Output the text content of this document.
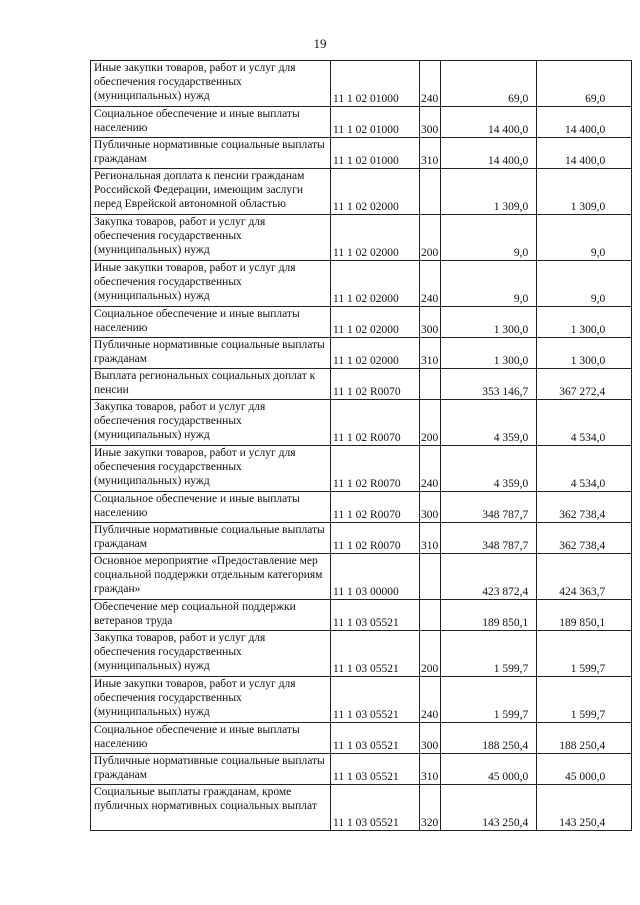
19
Иные закупки товаров, работ и услуг для обеспечения государственных (муниципальных) нужд	11 1 02 01000	240	69,0	69,0
Социальное обеспечение и иные выплаты населению	11 1 02 01000	300	14 400,0	14 400,0
Публичные нормативные социальные выплаты гражданам	11 1 02 01000	310	14 400,0	14 400,0
Региональная доплата к пенсии гражданам Российской Федерации, имеющим заслуги перед Еврейской автономной областью	11 1 02 02000		1 309,0	1 309,0
Закупка товаров, работ и услуг для обеспечения государственных (муниципальных) нужд	11 1 02 02000	200	9,0	9,0
Иные закупки товаров, работ и услуг для обеспечения государственных (муниципальных) нужд	11 1 02 02000	240	9,0	9,0
Социальное обеспечение и иные выплаты населению	11 1 02 02000	300	1 300,0	1 300,0
Публичные нормативные социальные выплаты гражданам	11 1 02 02000	310	1 300,0	1 300,0
Выплата региональных социальных доплат к пенсии	11 1 02 R0070		353 146,7	367 272,4
Закупка товаров, работ и услуг для обеспечения государственных (муниципальных) нужд	11 1 02 R0070	200	4 359,0	4 534,0
Иные закупки товаров, работ и услуг для обеспечения государственных (муниципальных) нужд	11 1 02 R0070	240	4 359,0	4 534,0
Социальное обеспечение и иные выплаты населению	11 1 02 R0070	300	348 787,7	362 738,4
Публичные нормативные социальные выплаты гражданам	11 1 02 R0070	310	348 787,7	362 738,4
Основное мероприятие «Предоставление мер социальной поддержки отдельным категориям граждан»	11 1 03 00000		423 872,4	424 363,7
Обеспечение мер социальной поддержки ветеранов труда	11 1 03 05521		189 850,1	189 850,1
Закупка товаров, работ и услуг для обеспечения государственных (муниципальных) нужд	11 1 03 05521	200	1 599,7	1 599,7
Иные закупки товаров, работ и услуг для обеспечения государственных (муниципальных) нужд	11 1 03 05521	240	1 599,7	1 599,7
Социальное обеспечение и иные выплаты населению	11 1 03 05521	300	188 250,4	188 250,4
Публичные нормативные социальные выплаты гражданам	11 1 03 05521	310	45 000,0	45 000,0
Социальные выплаты гражданам, кроме публичных нормативных социальных выплат	11 1 03 05521	320	143 250,4	143 250,4
